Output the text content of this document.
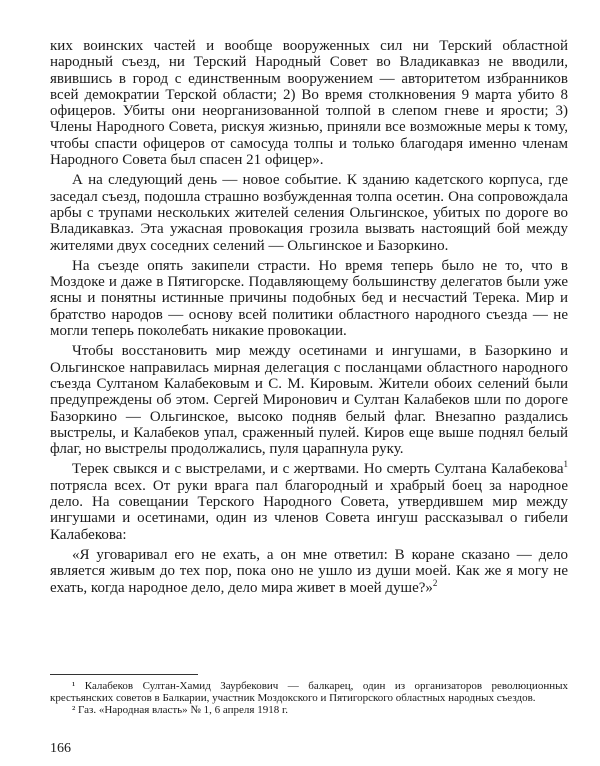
ких воинских частей и вообще вооруженных сил ни Терский областной народный съезд, ни Терский Народный Совет во Владикавказ не вводили, явившись в город с единственным вооружением — авторитетом избранников всей демократии Терской области; 2) Во время столкновения 9 марта убито 8 офицеров. Убиты они неорганизованной толпой в слепом гневе и ярости; 3) Члены Народного Совета, рискуя жизнью, приняли все возможные меры к тому, чтобы спасти офицеров от самосуда толпы и только благодаря именно членам Народного Совета был спасен 21 офицер».

А на следующий день — новое событие. К зданию кадетского корпуса, где заседал съезд, подошла страшно возбужденная толпа осетин. Она сопровождала арбы с трупами нескольких жителей селения Ольгинское, убитых по дороге во Владикавказ. Эта ужасная провокация грозила вызвать настоящий бой между жителями двух соседних селений — Ольгинское и Базоркино.

На съезде опять закипели страсти. Но время теперь было не то, что в Моздоке и даже в Пятигорске. Подавляющему большинству делегатов были уже ясны и понятны истинные причины подобных бед и несчастий Терека. Мир и братство народов — основу всей политики областного народного съезда — не могли теперь поколебать никакие провокации.

Чтобы восстановить мир между осетинами и ингушами, в Базоркино и Ольгинское направилась мирная делегация с посланцами областного народного съезда Султаном Калабековым и С. М. Кировым. Жители обоих селений были предупреждены об этом. Сергей Миронович и Султан Калабеков шли по дороге Базоркино — Ольгинское, высоко подняв белый флаг. Внезапно раздались выстрелы, и Калабеков упал, сраженный пулей. Киров еще выше поднял белый флаг, но выстрелы продолжались, пуля царапнула руку.

Терек свыкся и с выстрелами, и с жертвами. Но смерть Султана Калабекова$^1$ потрясла всех. От руки врага пал благородный и храбрый боец за народное дело. На совещании Терского Народного Совета, утвердившем мир между ингушами и осетинами, один из членов Совета ингуш рассказывал о гибели Калабекова:

«Я уговаривал его не ехать, а он мне ответил: В коране сказано — дело является живым до тех пор, пока оно не ушло из души моей. Как же я могу не ехать, когда народное дело, дело мира живет в моей душе?»$^2$

¹ Калабеков Султан-Хамид Заурбекович — балкарец, один из организаторов революционных крестьянских советов в Балкарии, участник Моздокского и Пятигорского областных народных съездов.

² Газ. «Народная власть» № 1, 6 апреля 1918 г.

166
